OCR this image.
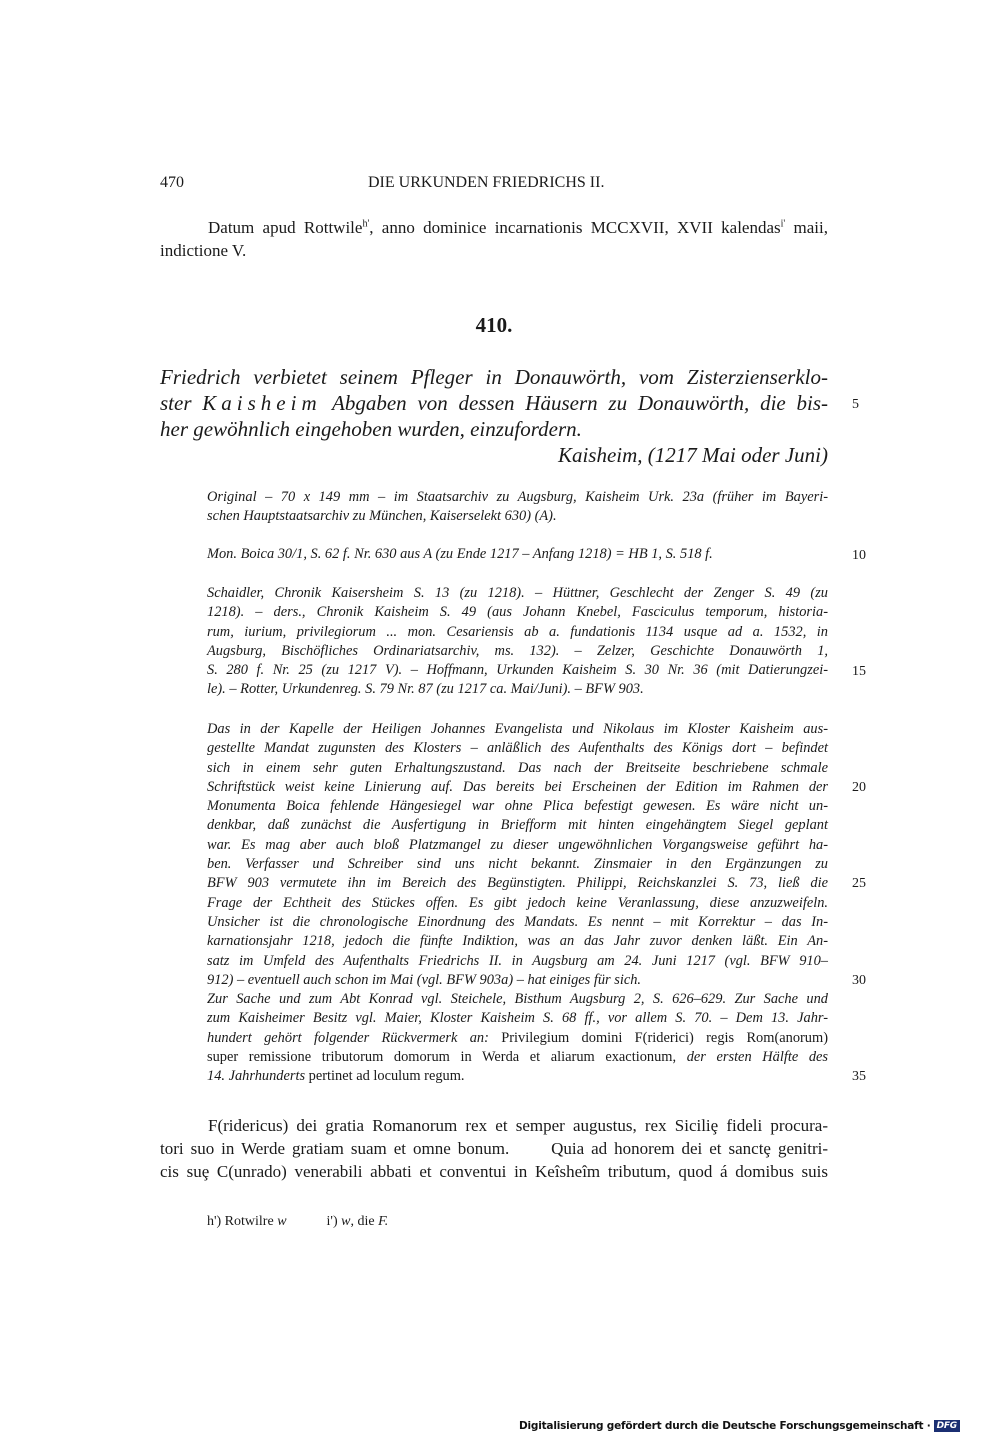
470	DIE URKUNDEN FRIEDRICHS II.
Datum apud Rottwile$^{h'}$, anno dominice incarnationis MCCXVII, XVII kalendas$^{i'}$ maii,
indictione V.
410.
Friedrich verbietet seinem Pfleger in Donauwörth, vom Zisterzienserklo-
ster Kaisheim Abgaben von dessen Häusern zu Donauwörth, die bis-
her gewöhnlich eingehoben wurden, einzufordern.
Kaisheim, (1217 Mai oder Juni)
Original – 70 x 149 mm – im Staatsarchiv zu Augsburg, Kaisheim Urk. 23a (früher im Bayeri-
schen Hauptstaatsarchiv zu München, Kaiserselekt 630) (A).
Mon. Boica 30/1, S. 62 f. Nr. 630 aus A (zu Ende 1217 – Anfang 1218) = HB 1, S. 518 f.
Schaidler, Chronik Kaisersheim S. 13 (zu 1218). – Hüttner, Geschlecht der Zenger S. 49 (zu
1218). – ders., Chronik Kaisheim S. 49 (aus Johann Knebel, Fasciculus temporum, historia-
rum, iurium, privilegiorum ... mon. Cesariensis ab a. fundationis 1134 usque ad a. 1532, in
Augsburg, Bischöfliches Ordinariatsarchiv, ms. 132). – Zelzer, Geschichte Donauwörth 1,
S. 280 f. Nr. 25 (zu 1217 V). – Hoffmann, Urkunden Kaisheim S. 30 Nr. 36 (mit Datierungzei-
le). – Rotter, Urkundenreg. S. 79 Nr. 87 (zu 1217 ca. Mai/Juni). – BFW 903.
Das in der Kapelle der Heiligen Johannes Evangelista und Nikolaus im Kloster Kaisheim aus-
gestellte Mandat zugunsten des Klosters – anläßlich des Aufenthalts des Königs dort – befindet
sich in einem sehr guten Erhaltungszustand. Das nach der Breitseite beschriebene schmale
Schriftstück weist keine Linierung auf. Das bereits bei Erscheinen der Edition im Rahmen der
Monumenta Boica fehlende Hängesiegel war ohne Plica befestigt gewesen. Es wäre nicht un-
denkbar, daß zunächst die Ausfertigung in Briefform mit hinten eingehängtem Siegel geplant
war. Es mag aber auch bloß Platzmangel zu dieser ungewöhnlichen Vorgangsweise geführt ha-
ben. Verfasser und Schreiber sind uns nicht bekannt. Zinsmaier in den Ergänzungen zu
BFW 903 vermutete ihn im Bereich des Begünstigten. Philippi, Reichskanzlei S. 73, ließ die
Frage der Echtheit des Stückes offen. Es gibt jedoch keine Veranlassung, diese anzuzweifeln.
Unsicher ist die chronologische Einordnung des Mandats. Es nennt – mit Korrektur – das In-
karnationsjahr 1218, jedoch die fünfte Indiktion, was an das Jahr zuvor denken läßt. Ein An-
satz im Umfeld des Aufenthalts Friedrichs II. in Augsburg am 24. Juni 1217 (vgl. BFW 910–
912) – eventuell auch schon im Mai (vgl. BFW 903a) – hat einiges für sich.
Zur Sache und zum Abt Konrad vgl. Steichele, Bisthum Augsburg 2, S. 626–629. Zur Sache und
zum Kaisheimer Besitz vgl. Maier, Kloster Kaisheim S. 68 ff., vor allem S. 70. – Dem 13. Jahr-
hundert gehört folgender Rückvermerk an: Privilegium domini F(riderici) regis Rom(anorum)
super remissione tributorum domorum in Werda et aliarum exactionum, der ersten Hälfte des
14. Jahrhunderts pertinet ad loculum regum.
F(ridericus) dei gratia Romanorum rex et semper augustus, rex Siciliȩ fideli procura-
tori suo in Werde gratiam suam et omne bonum.      Quia ad honorem dei et sanctȩ genitri-
cis suȩ C(unrado) venerabili abbati et conventui in Keîsheîm tributum, quod á domibus suis
5
10
15
20
25
30
35
h') Rotwilre w	i') w, die F.
Digitalisierung gefördert durch die Deutsche Forschungsgemeinschaft · DFG
